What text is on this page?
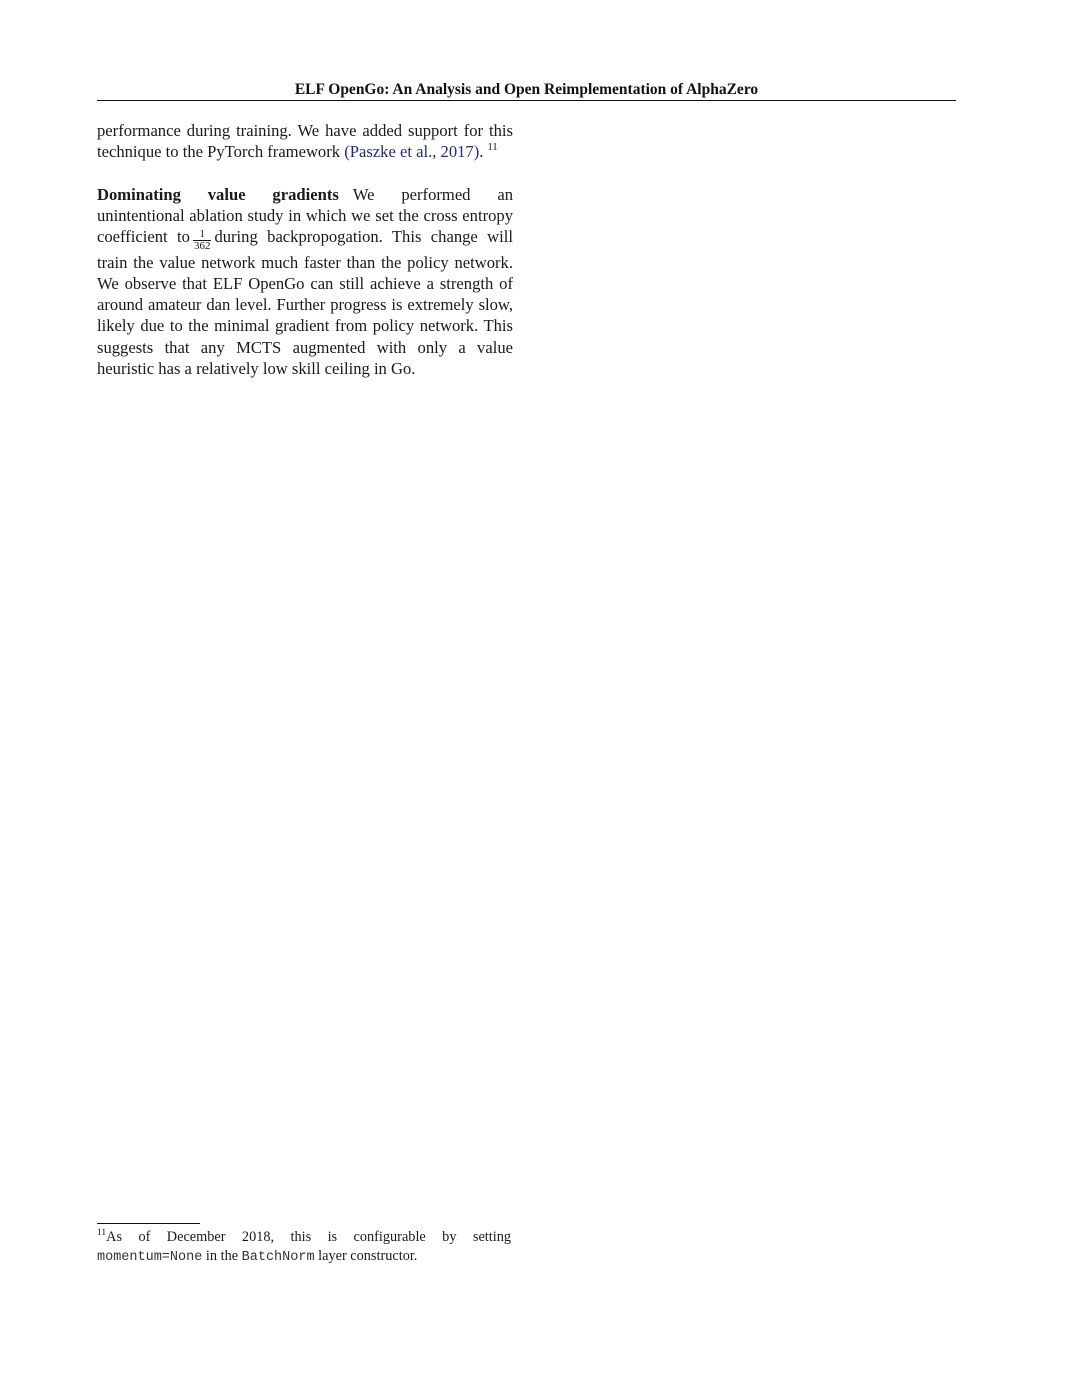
ELF OpenGo: An Analysis and Open Reimplementation of AlphaZero

performance during training. We have added support for this technique to the PyTorch framework (Paszke et al., 2017). $^{11}$

Dominating value gradients We performed an unintentional ablation study in which we set the cross entropy coefficient to $\frac{1}{362}$ during backpropogation. This change will train the value network much faster than the policy network. We observe that ELF OpenGo can still achieve a strength of around amateur dan level. Further progress is extremely slow, likely due to the minimal gradient from policy network. This suggests that any MCTS augmented with only a value heuristic has a relatively low skill ceiling in Go.

$^{11}$As of December 2018, this is configurable by setting momentum=None in the BatchNorm layer constructor.
